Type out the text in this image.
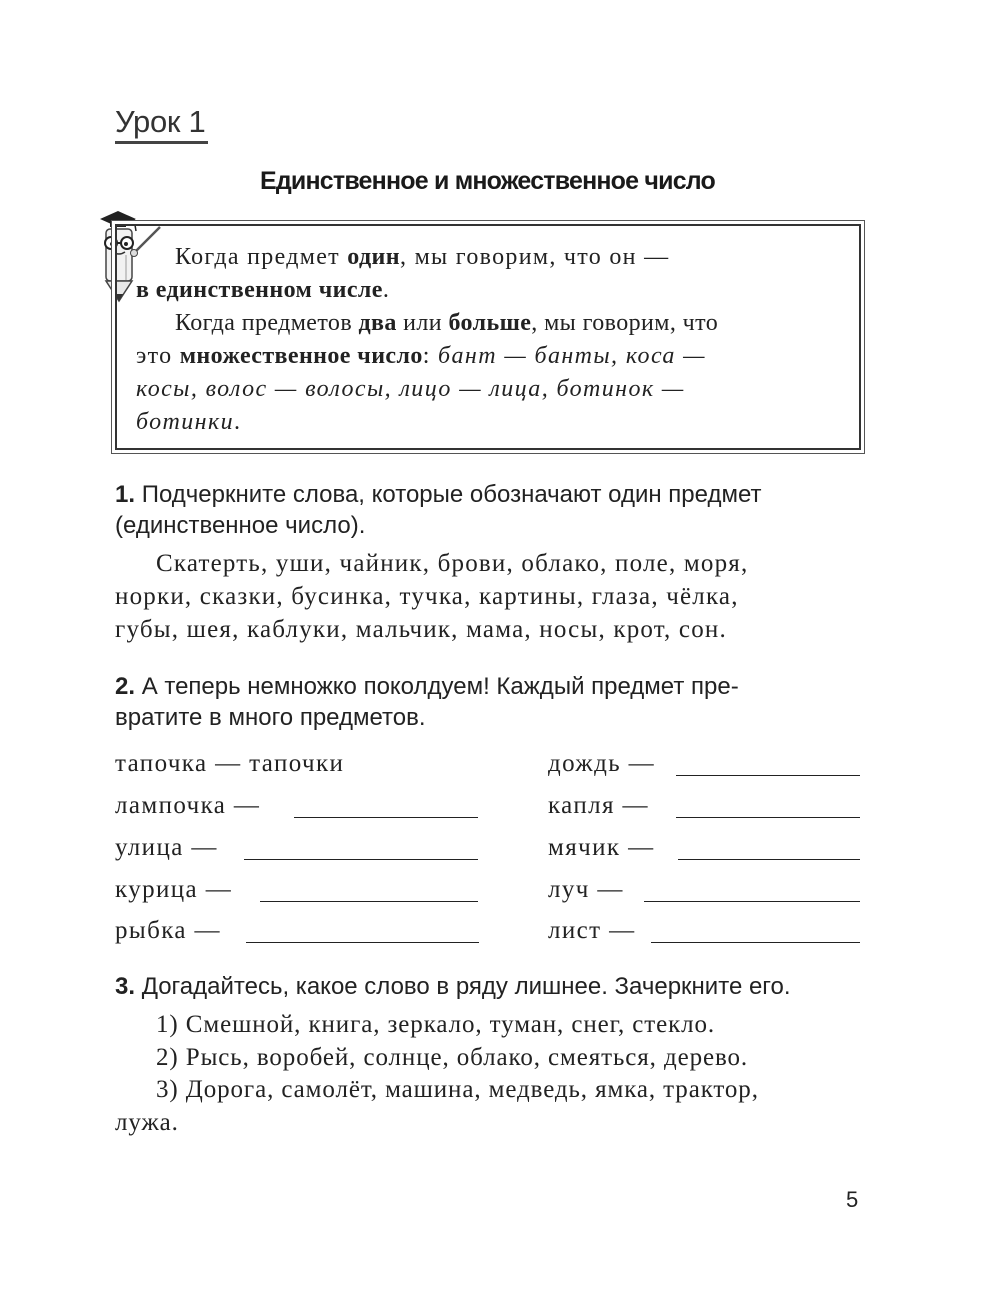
Урок 1
Единственное и множественное число
Когда предмет один, мы говорим, что он —
в единственном числе.
Когда предметов два или больше, мы говорим, что
это множественное число: бант — банты, коса —
косы, волос — волосы, лицо — лица, ботинок —
ботинки.
1. Подчеркните слова, которые обозначают один предмет
(единственное число).
Скатерть, уши, чайник, брови, облако, поле, моря,
норки, сказки, бусинка, тучка, картины, глаза, чёлка,
губы, шея, каблуки, мальчик, мама, носы, крот, сон.
2. А теперь немножко поколдуем! Каждый предмет пре-
вратите в много предметов.
тапочка — тапочки
лампочка —
улица —
курица —
рыбка —
дождь —
капля —
мячик —
луч —
лист —
3. Догадайтесь, какое слово в ряду лишнее. Зачеркните его.
1) Смешной, книга, зеркало, туман, снег, стекло.
2) Рысь, воробей, солнце, облако, смеяться, дерево.
3) Дорога, самолёт, машина, медведь, ямка, трактор,
лужа.
5
